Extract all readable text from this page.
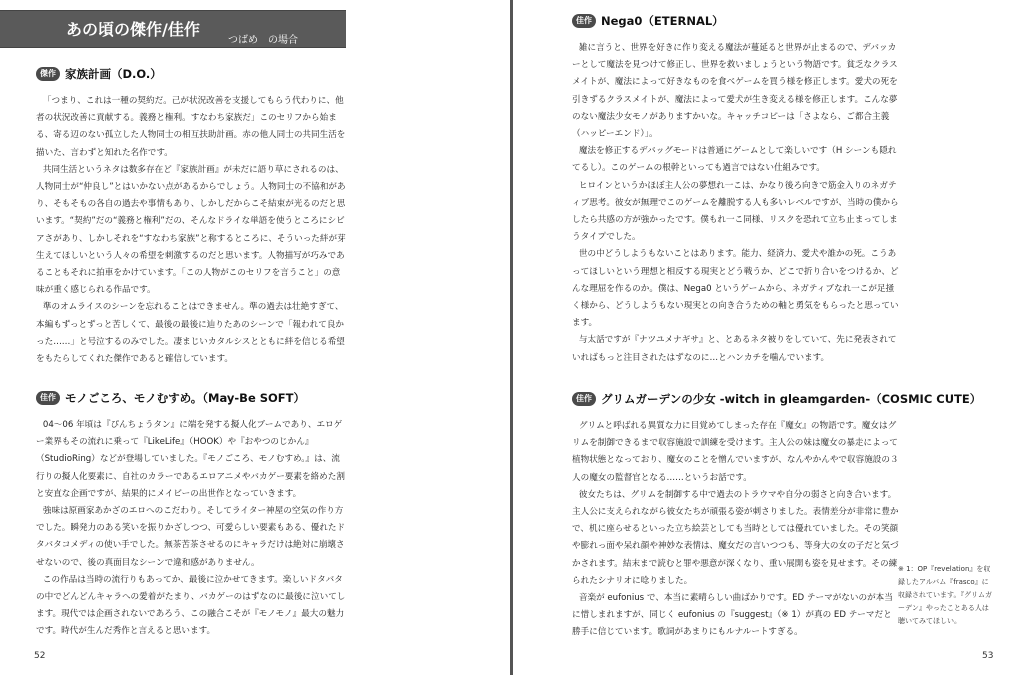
あの頃の傑作/佳作
つばめ　の場合
傑作 家族計画（D.O.）

「つまり、これは一種の契約だ。己が状況改善を支援してもらう代わりに、他者の状況改善に貢献する。義務と権利。すなわち家族だ」このセリフから始まる、寄る辺のない孤立した人物同士の相互扶助計画。赤の他人同士の共同生活を描いた、言わずと知れた名作です。

共同生活というネタは数多存在ど『家族計画』が未だに語り草にされるのは、人物同士が“仲良し”とはいかない点があるからでしょう。人物同士の不協和があり、そもそもの各自の過去や事情もあり、しかしだからこそ結束が光るのだと思います。“契約”だの“義務と権利”だの、そんなドライな単語を使うところにシビアさがあり、しかしそれを“すなわち家族”と称するところに、そういった絆が芽生えてほしいという人々の希望を刺激するのだと思います。人物描写が巧みであることもそれに拍車をかけています。「この人物がこのセリフを言うこと」の意味が重く感じられる作品です。

準のオムライスのシーンを忘れることはできません。準の過去は壮絶すぎて、本編もずっとずっと苦しくて、最後の最後に辿りたあのシーンで「報われて良かった……」と号泣するのみでした。凄まじいカタルシスとともに絆を信じる希望をもたらしてくれた傑作であると確信しています。

佳作 モノごころ、モノむすめ。（May-Be SOFT）

04～06 年頃は『ぴんちょうタン』に端を発する擬人化ブームであり、エロゲー業界もその流れに乗って『LikeLife』（HOOK）や『おやつのじかん』（StudioRing）などが登場していました。『モノごころ、モノむすめ。』は、流行りの擬人化要素に、自社のカラーであるエロアニメやバカゲー要素を絡めた割と安直な企画ですが、結果的にメイビーの出世作となっていきます。

強味は原画家あかざのエロへのこだわり。そしてライター神屋の空気の作り方でした。瞬発力のある笑いを振りかざしつつ、可愛らしい要素もある、優れたドタバタコメディの使い手でした。無茶苦茶させるのにキャラだけは絶対に崩壊させないので、後の真面目なシーンで違和感がありません。

この作品は当時の流行りもあってか、最後に泣かせてきます。楽しいドタバタの中でどんどんキャラへの愛着がたまり、バカゲーのはずなのに最後に泣いてします。現代では企画されないであろう、この融合こそが『モノモノ』最大の魅力です。時代が生んだ秀作と言えると思います。

52
佳作 Nega0（ETERNAL）

雑に言うと、世界を好きに作り変える魔法が蔓延ると世界が止まるので、デバッカーとして魔法を見つけて修正し、世界を救いましょうという物語です。貧乏なクラスメイトが、魔法によって好きなものを食べゲームを買う様を修正します。愛犬の死を引きずるクラスメイトが、魔法によって愛犬が生き変える様を修正します。こんな夢のない魔法少女モノがありますかいな。キャッチコピーは「さよなら、ご都合主義（ハッピーエンド）」。

魔法を修正するデバッグモードは普通にゲームとして楽しいです（H シーンも隠れてるし）。このゲームの根幹といっても過言ではない仕組みです。

ヒロインというかほぼ主人公の夢想れ一こは、かなり後ろ向きで筋金入りのネガティブ思考。彼女が無理でこのゲームを離脱する人も多いレベルですが、当時の僕からしたら共感の方が強かったです。僕もれ一こ同様、リスクを恐れて立ち止まってしまうタイプでした。

世の中どうしようもないことはあります。能力、経済力、愛犬や誰かの死。こうあってほしいという理想と相反する現実とどう戦うか、どこで折り合いをつけるか、どんな理屈を作るのか。僕は、Nega0 というゲームから、ネガティブなれ一こが足掻く様から、どうしようもない現実との向き合うための軸と勇気をもらったと思っています。

与太話ですが『ナツユメナギサ』と、とあるネタ被りをしていて、先に発表されていればもっと注目されたはずなのに…とハンカチを噛んでいます。

佳作 グリムガーデンの少女 -witch in gleamgarden-（COSMIC CUTE）

グリムと呼ばれる異質な力に目覚めてしまった存在『魔女』の物語です。魔女はグリムを制御できるまで収容施設で訓練を受けます。主人公の妹は魔女の暴走によって植物状態となっており、魔女のことを憎んでいますが、なんやかんやで収容施設の３人の魔女の監督官となる……というお話です。

彼女たちは、グリムを制御する中で過去のトラウマや自分の弱さと向き合います。主人公に支えられながら彼女たちが頑張る姿が刺さりました。表情差分が非常に豊かで、机に座らせるといった立ち絵芸としても当時としては優れていました。その笑顔や膨れっ面や呆れ顔や神妙な表情は、魔女だの言いつつも、等身大の女の子だと気づかされます。結末まで読むと罪や悪意が深くなり、重い展開も姿を見せます。その練られたシナリオに唸りました。

音楽が eufonius で、本当に素晴らしい曲ばかりです。ED テーマがないのが本当に惜しまれますが、同じく eufonius の『suggest』（※ 1）が真の ED テーマだと勝手に信じています。歌詞があまりにもルナルートすぎる。

53
※ 1：OP『revelation』を収録したアルバム『frasco』に収録されています。『グリムガーデン』やったことある人は聴いてみてほしい。
